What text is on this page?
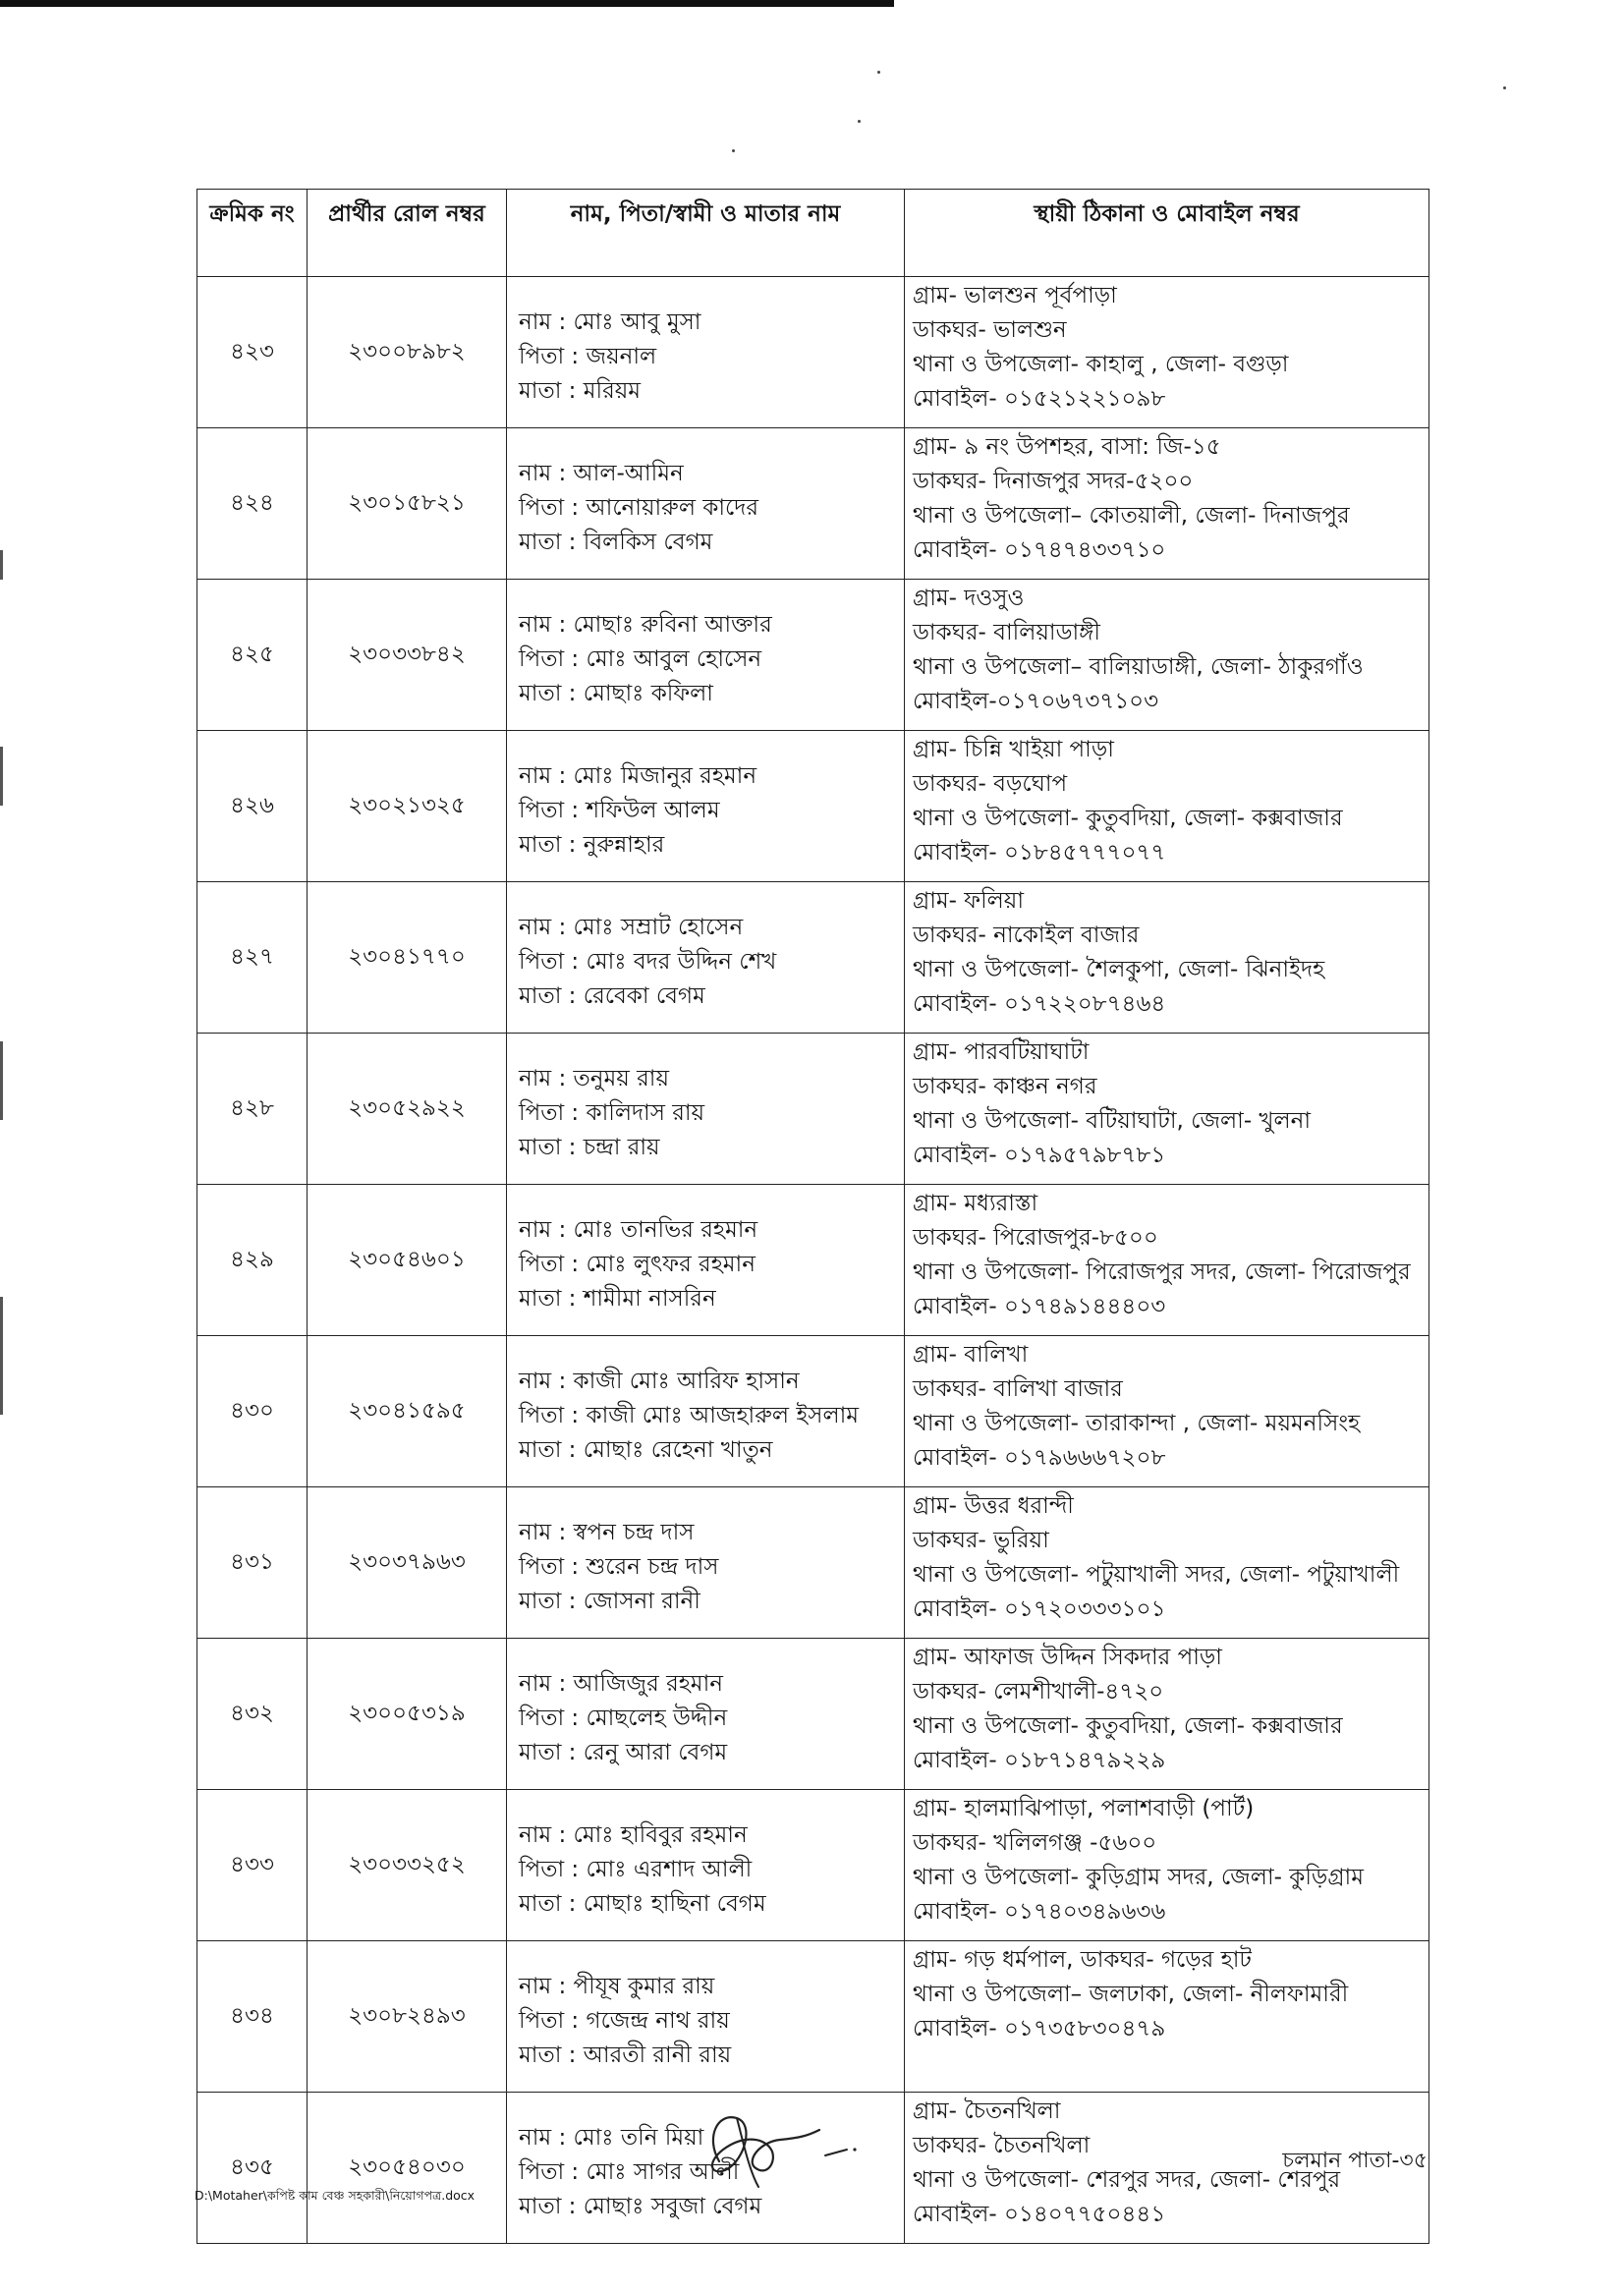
ক্রমিক নং	প্রার্থীর রোল নম্বর	নাম, পিতা/স্বামী ও মাতার নাম	স্থায়ী ঠিকানা ও মোবাইল নম্বর
৪২৩	২৩০০৮৯৮২	নাম : মোঃ আবু মুসা
পিতা : জয়নাল
মাতা : মরিয়ম	গ্রাম- ভালশুন পূর্বপাড়া
ডাকঘর- ভালশুন
থানা ও উপজেলা- কাহালু , জেলা- বগুড়া
মোবাইল- ০১৫২১২২১০৯৮

৪২৪	২৩০১৫৮২১	নাম : আল-আমিন
পিতা : আনোয়ারুল কাদের
মাতা : বিলকিস বেগম	গ্রাম- ৯ নং উপশহর, বাসা: জি-১৫
ডাকঘর- দিনাজপুর সদর-৫২০০
থানা ও উপজেলা– কোতয়ালী, জেলা- দিনাজপুর
মোবাইল- ০১৭৪৭৪৩৩৭১০

৪২৫	২৩০৩৩৮৪২	নাম : মোছাঃ রুবিনা আক্তার
পিতা : মোঃ আবুল হোসেন
মাতা : মোছাঃ কফিলা	গ্রাম- দওসুও
ডাকঘর- বালিয়াডাঙ্গী
থানা ও উপজেলা– বালিয়াডাঙ্গী, জেলা- ঠাকুরগাঁও
মোবাইল-০১৭০৬৭৩৭১০৩

৪২৬	২৩০২১৩২৫	নাম : মোঃ মিজানুর রহমান
পিতা : শফিউল আলম
মাতা : নুরুন্নাহার	গ্রাম- চিন্নি খাইয়া পাড়া
ডাকঘর- বড়ঘোপ
থানা ও উপজেলা- কুতুবদিয়া, জেলা- কক্সবাজার
মোবাইল- ০১৮৪৫৭৭৭০৭৭

৪২৭	২৩০৪১৭৭০	নাম : মোঃ সম্রাট হোসেন
পিতা : মোঃ বদর উদ্দিন শেখ
মাতা : রেবেকা বেগম	গ্রাম- ফলিয়া
ডাকঘর- নাকোইল বাজার
থানা ও উপজেলা- শৈলকুপা, জেলা- ঝিনাইদহ
মোবাইল- ০১৭২২০৮৭৪৬৪

৪২৮	২৩০৫২৯২২	নাম : তনুময় রায়
পিতা : কালিদাস রায়
মাতা : চন্দ্রা রায়	গ্রাম- পারবটিয়াঘাটা
ডাকঘর- কাঞ্চন নগর
থানা ও উপজেলা- বটিয়াঘাটা, জেলা- খুলনা
মোবাইল- ০১৭৯৫৭৯৮৭৮১

৪২৯	২৩০৫৪৬০১	নাম : মোঃ তানভির রহমান
পিতা : মোঃ লুৎফর রহমান
মাতা : শামীমা নাসরিন	গ্রাম- মধ্যরাস্তা
ডাকঘর- পিরোজপুর-৮৫০০
থানা ও উপজেলা- পিরোজপুর সদর, জেলা- পিরোজপুর
মোবাইল- ০১৭৪৯১৪৪৪০৩

৪৩০	২৩০৪১৫৯৫	নাম : কাজী মোঃ আরিফ হাসান
পিতা : কাজী মোঃ আজহারুল ইসলাম
মাতা : মোছাঃ রেহেনা খাতুন	গ্রাম- বালিখা
ডাকঘর- বালিখা বাজার
থানা ও উপজেলা- তারাকান্দা , জেলা- ময়মনসিংহ
মোবাইল- ০১৭৯৬৬৬৭২০৮

৪৩১	২৩০৩৭৯৬৩	নাম : স্বপন চন্দ্র দাস
পিতা : শুরেন চন্দ্র দাস
মাতা : জোসনা রানী	গ্রাম- উত্তর ধরান্দী
ডাকঘর- ভুরিয়া
থানা ও উপজেলা- পটুয়াখালী সদর, জেলা- পটুয়াখালী
মোবাইল- ০১৭২০৩৩৩১০১

৪৩২	২৩০০৫৩১৯	নাম : আজিজুর রহমান
পিতা : মোছলেহ উদ্দীন
মাতা : রেনু আরা বেগম	গ্রাম- আফাজ উদ্দিন সিকদার পাড়া
ডাকঘর- লেমশীখালী-৪৭২০
থানা ও উপজেলা- কুতুবদিয়া, জেলা- কক্সবাজার
মোবাইল- ০১৮৭১৪৭৯২২৯

৪৩৩	২৩০৩৩২৫২	নাম : মোঃ হাবিবুর রহমান
পিতা : মোঃ এরশাদ আলী
মাতা : মোছাঃ হাছিনা বেগম	গ্রাম- হালমাঝিপাড়া, পলাশবাড়ী (পার্ট)
ডাকঘর- খলিলগঞ্জ -৫৬০০
থানা ও উপজেলা- কুড়িগ্রাম সদর, জেলা- কুড়িগ্রাম
মোবাইল- ০১৭৪০৩৪৯৬৩৬

৪৩৪	২৩০৮২৪৯৩	নাম : পীযূষ কুমার রায়
পিতা : গজেন্দ্র নাথ রায়
মাতা : আরতী রানী রায়	গ্রাম- গড় ধর্মপাল, ডাকঘর- গড়ের হাট
থানা ও উপজেলা– জলঢাকা, জেলা- নীলফামারী
মোবাইল- ০১৭৩৫৮৩০৪৭৯

৪৩৫	২৩০৫৪০৩০	নাম : মোঃ তনি মিয়া
পিতা : মোঃ সাগর আলী
মাতা : মোছাঃ সবুজা বেগম	গ্রাম- চৈতনখিলা
ডাকঘর- চৈতনখিলা
থানা ও উপজেলা- শেরপুর সদর, জেলা- শেরপুর
মোবাইল- ০১৪০৭৭৫০৪৪১
D:\Motaher\কপিষ্ট কাম বেঞ্চ সহকারী\নিয়োগপত্র.docx
চলমান পাতা-৩৫
